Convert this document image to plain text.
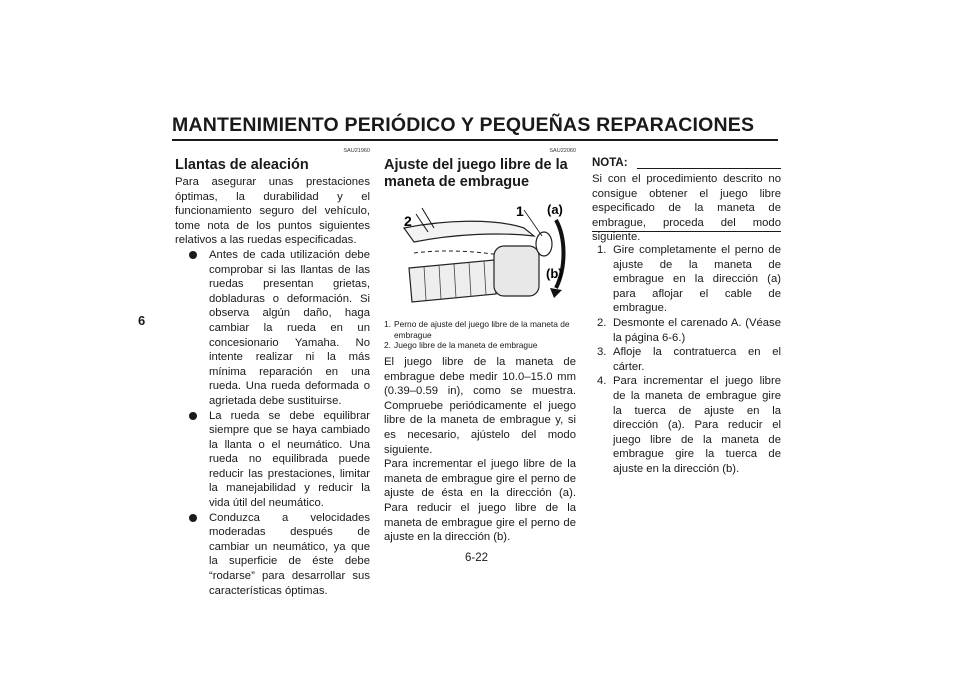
MANTENIMIENTO PERIÓDICO Y PEQUEÑAS REPARACIONES
6
SAU21960
Llantas de aleación

Para asegurar unas prestaciones óptimas, la durabilidad y el funcionamiento seguro del vehículo, tome nota de los puntos siguientes relativos a las ruedas especificadas.

Antes de cada utilización debe comprobar si las llantas de las ruedas presentan grietas, dobladuras o deformación. Si observa algún daño, haga cambiar la rueda en un concesionario Yamaha. No intente realizar ni la más mínima reparación en una rueda. Una rueda deformada o agrietada debe sustituirse.
La rueda se debe equilibrar siempre que se haya cambiado la llanta o el neumático. Una rueda no equilibrada puede reducir las prestaciones, limitar la manejabilidad y reducir la vida útil del neumático.
Conduzca a velocidades moderadas después de cambiar un neumático, ya que la superficie de éste debe “rodarse” para desarrollar sus características óptimas.
SAU22060
Ajuste del juego libre de la
maneta de embrague
2
1 (a)
(b)
1. Perno de ajuste del juego libre de la maneta de embrague
2. Juego libre de la maneta de embrague

El juego libre de la maneta de embrague debe medir 10.0–15.0 mm (0.39–0.59 in), como se muestra. Compruebe periódicamente el juego libre de la maneta de embrague y, si es necesario, ajústelo del modo siguiente.

Para incrementar el juego libre de la maneta de embrague gire el perno de ajuste de ésta en la dirección (a). Para reducir el juego libre de la maneta de embrague gire el perno de ajuste en la dirección (b).

NOTA:
Si con el procedimiento descrito no consigue obtener el juego libre especificado de la maneta de embrague, proceda del modo siguiente.
1. Gire completamente el perno de ajuste de la maneta de embrague en la dirección (a) para aflojar el cable de embrague.
2. Desmonte el carenado A. (Véase la página 6-6.)
3. Afloje la contratuerca en el cárter.
4. Para incrementar el juego libre de la maneta de embrague gire la tuerca de ajuste en la dirección (a). Para reducir el juego libre de la maneta de embrague gire la tuerca de ajuste en la dirección (b).
6-22
